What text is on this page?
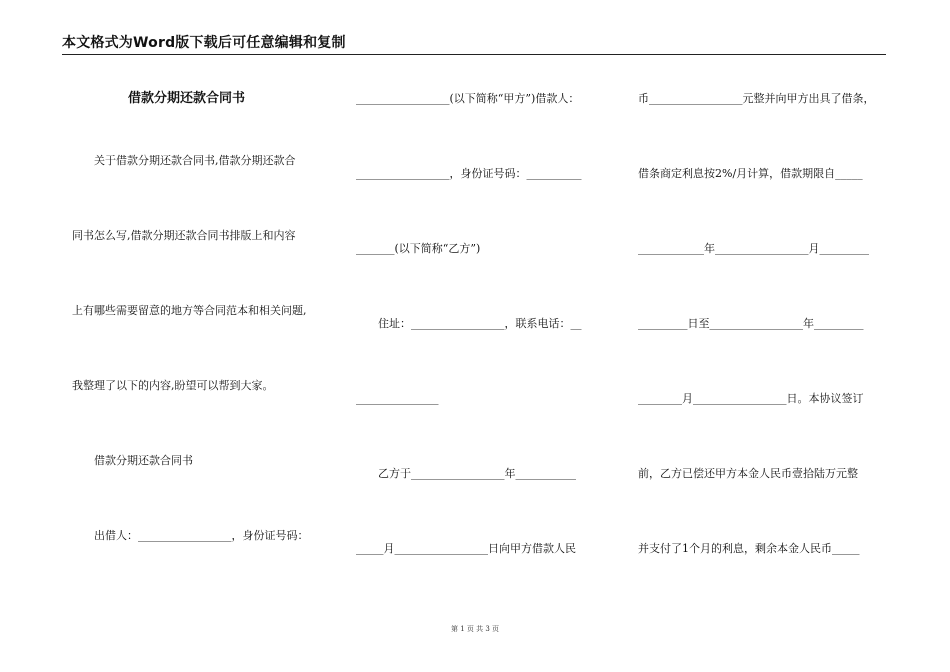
本文格式为Word版下载后可任意编辑和复制
借款分期还款合同书
　　关于借款分期还款合同书,借款分期还款合
同书怎么写,借款分期还款合同书排版上和内容
上有哪些需要留意的地方等合同范本和相关问题,
我整理了以下的内容,盼望可以帮到大家。
　　借款分期还款合同书
　　出借人：_________________，身份证号码：
_________________(以下简称“甲方”)借款人：
_________________，身份证号码：__________
_______(以下简称“乙方”)
　　住址：_________________，联系电话：__
_______________
　　乙方于_________________年___________
_____月_________________日向甲方借款人民
币_________________元整并向甲方出具了借条，
借条商定利息按2%/月计算，借款期限自_____
____________年_________________月_________
_________日至_________________年_________
________月_________________日。本协议签订
前，乙方已偿还甲方本金人民币壹拾陆万元整
并支付了1个月的利息，剩余本金人民币_____
第 1 页 共 3 页
